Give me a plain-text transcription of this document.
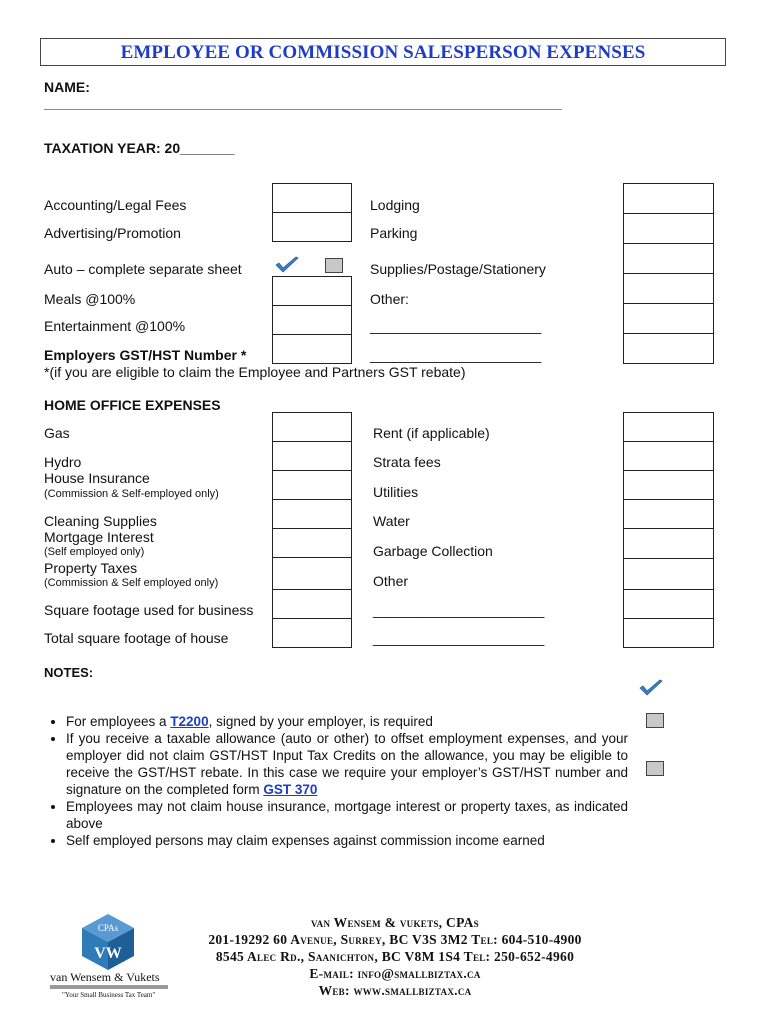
EMPLOYEE OR COMMISSION SALESPERSON EXPENSES
NAME:
______________________________________________________________________________
TAXATION YEAR: 20_______
Accounting/Legal Fees
Advertising/Promotion
Auto – complete separate sheet
Meals @100%
Entertainment @100%
Employers GST/HST Number *
*(if you are eligible to claim the Employee and Partners GST rebate)
Lodging
Parking
Supplies/Postage/Stationery
Other:
______________________
______________________
HOME OFFICE EXPENSES
Gas
Hydro
House Insurance
(Commission & Self-employed only)
Cleaning Supplies
Mortgage Interest
(Self employed only)
Property Taxes
(Commission & Self employed only)
Square footage used for business
Total square footage of house
Rent (if applicable)
Strata fees
Utilities
Water
Garbage Collection
Other
______________________
______________________
NOTES:
• For employees a T2200, signed by your employer, is required
• If you receive a taxable allowance (auto or other) to offset employment expenses, and your employer did not claim GST/HST Input Tax Credits on the allowance, you may be eligible to receive the GST/HST rebate. In this case we require your employer’s GST/HST number and signature on the completed form GST 370
• Employees may not claim house insurance, mortgage interest or property taxes, as indicated above
• Self employed persons may claim expenses against commission income earned
CPAs
VW
van Wensem & Vukets
"Your Small Business Tax Team"
van Wensem & vukets, CPAs
201-19292 60 Avenue, Surrey, BC V3S 3M2 Tel: 604-510-4900
8545 Alec Rd., Saanichton, BC V8M 1S4 Tel: 250-652-4960
E-mail: info@smallbiztax.ca
Web: www.smallbiztax.ca
